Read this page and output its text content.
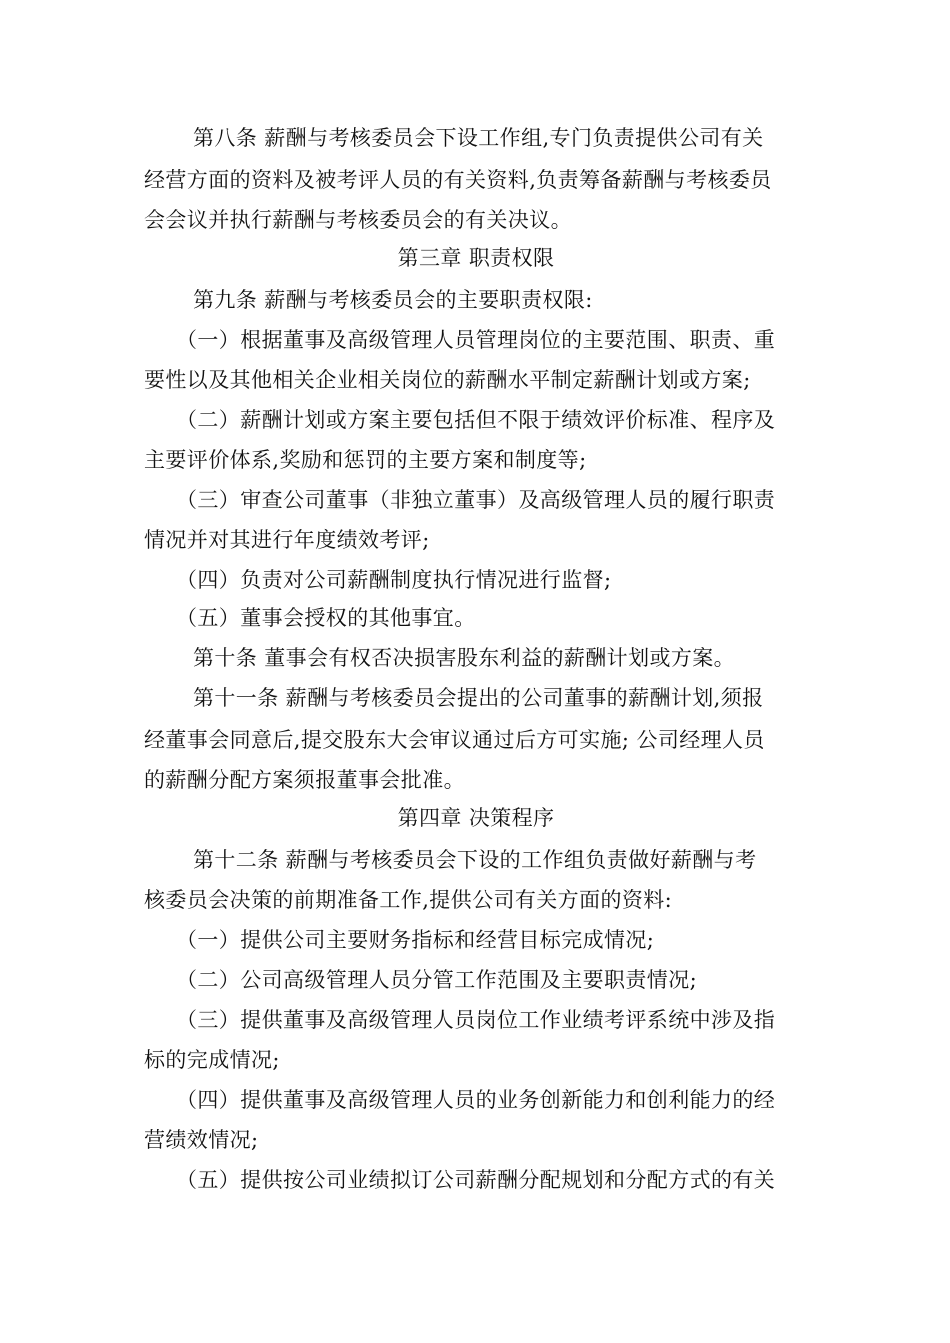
第八条 薪酬与考核委员会下设工作组,专门负责提供公司有关
经营方面的资料及被考评人员的有关资料,负责筹备薪酬与考核委员
会会议并执行薪酬与考核委员会的有关决议。
第三章 职责权限
第九条 薪酬与考核委员会的主要职责权限:
（一）根据董事及高级管理人员管理岗位的主要范围、职责、重
要性以及其他相关企业相关岗位的薪酬水平制定薪酬计划或方案;
（二）薪酬计划或方案主要包括但不限于绩效评价标准、程序及
主要评价体系,奖励和惩罚的主要方案和制度等;
（三）审查公司董事（非独立董事）及高级管理人员的履行职责
情况并对其进行年度绩效考评;
（四）负责对公司薪酬制度执行情况进行监督;
（五）董事会授权的其他事宜。
第十条 董事会有权否决损害股东利益的薪酬计划或方案。
第十一条 薪酬与考核委员会提出的公司董事的薪酬计划,须报
经董事会同意后,提交股东大会审议通过后方可实施; 公司经理人员
的薪酬分配方案须报董事会批准。
第四章 决策程序
第十二条 薪酬与考核委员会下设的工作组负责做好薪酬与考
核委员会决策的前期准备工作,提供公司有关方面的资料:
（一）提供公司主要财务指标和经营目标完成情况;
（二）公司高级管理人员分管工作范围及主要职责情况;
（三）提供董事及高级管理人员岗位工作业绩考评系统中涉及指
标的完成情况;
（四）提供董事及高级管理人员的业务创新能力和创利能力的经
营绩效情况;
（五）提供按公司业绩拟订公司薪酬分配规划和分配方式的有关
